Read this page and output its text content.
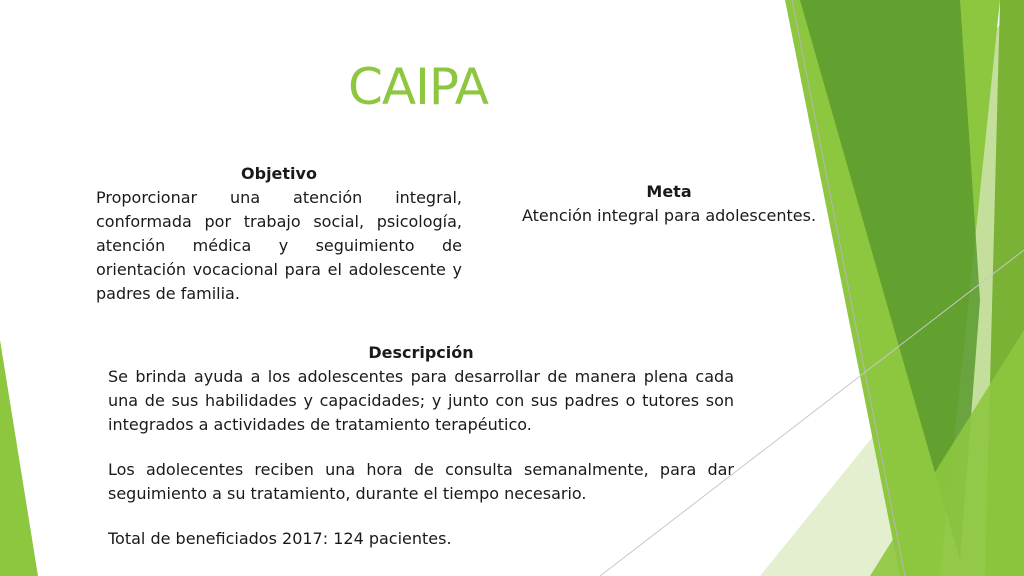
CAIPA
Objetivo

Proporcionar una atención integral, conformada por trabajo social, psicología, atención médica y seguimiento de orientación vocacional para el adolescente y padres de familia.

Meta

Atención integral para adolescentes.

Descripción

Se brinda ayuda a los adolescentes para desarrollar de manera plena cada una de sus habilidades y capacidades; y junto con sus padres o tutores son integrados a actividades de tratamiento terapéutico.

Los adolecentes reciben una hora de consulta semanalmente, para dar seguimiento a su tratamiento, durante el tiempo necesario.

Total de beneficiados 2017: 124 pacientes.
